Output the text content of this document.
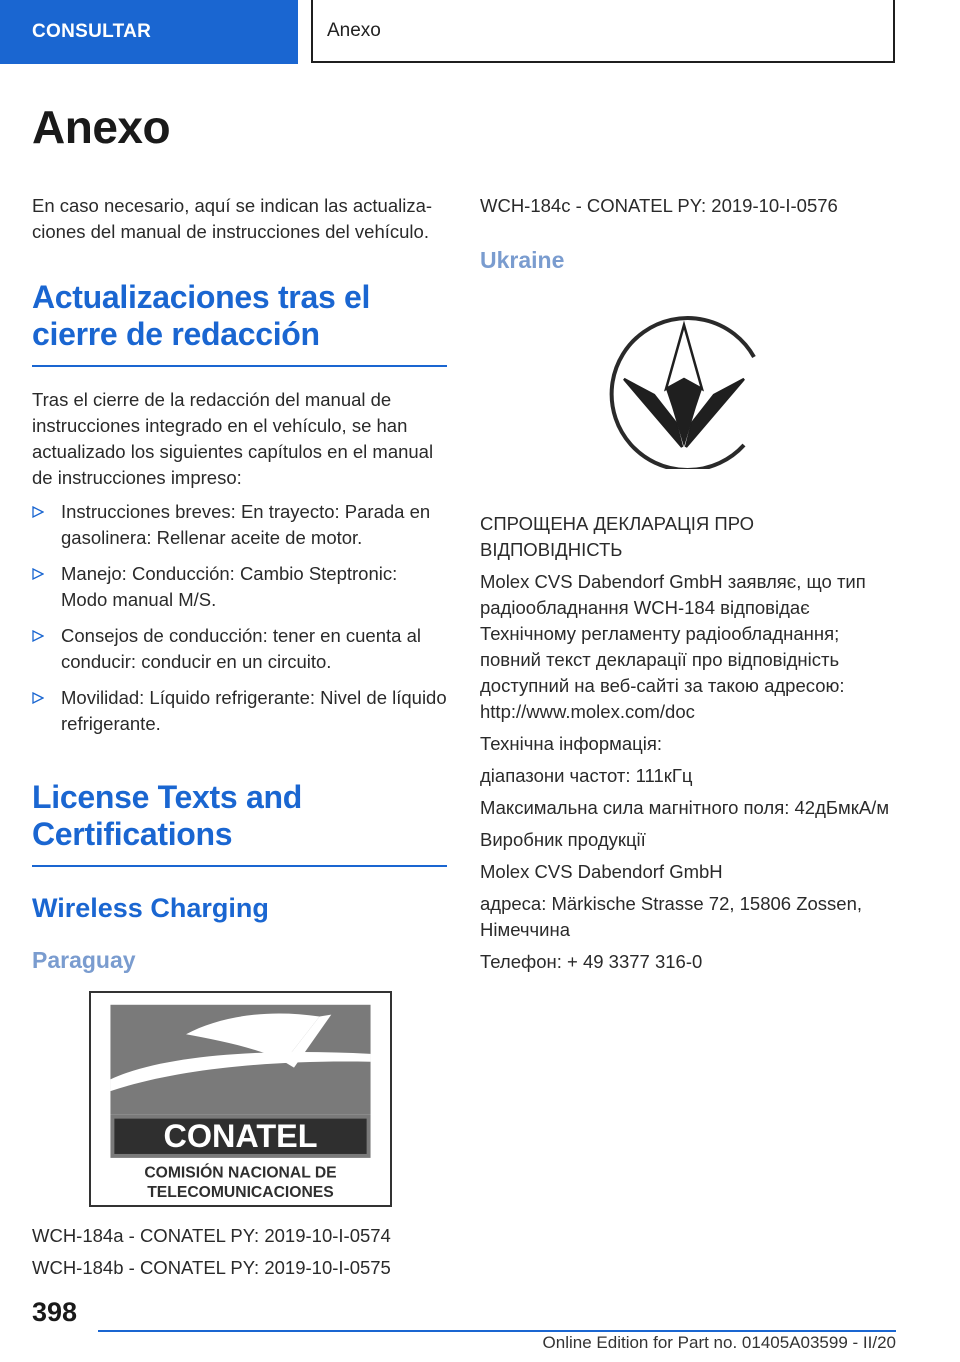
CONSULTAR	Anexo
Anexo

En caso necesario, aquí se indican las actualizaciones del manual de instrucciones del vehículo.

Actualizaciones tras el cierre de redacción

Tras el cierre de la redacción del manual de instrucciones integrado en el vehículo, se han actualizado los siguientes capítulos en el manual de instrucciones impreso:

Instrucciones breves: En trayecto: Parada en gasolinera: Rellenar aceite de motor.
Manejo: Conducción: Cambio Steptronic: Modo manual M/S.
Consejos de conducción: tener en cuenta al conducir: conducir en un circuito.
Movilidad: Líquido refrigerante: Nivel de líquido refrigerante.
License Texts and Certifications
Wireless Charging
Paraguay
CONATEL
COMISIÓN NACIONAL DE
TELECOMUNICACIONES

WCH-184a - CONATEL PY: 2019-10-I-0574

WCH-184b - CONATEL PY: 2019-10-I-0575

WCH-184c - CONATEL PY: 2019-10-I-0576

Ukraine

СПРОЩЕНА ДЕКЛАРАЦІЯ ПРО ВІДПОВІДНІСТЬ

Molex CVS Dabendorf GmbH заявляє, що тип радіообладнання WCH-184 відповідає Технічному регламенту радіообладнання; повний текст декларації про відповідність доступний на веб-сайті за такою адресою: http://www.molex.com/doc

Технічна інформація:

діапазони частот: 111кГц

Максимальна сила магнітного поля: 42дБмкА/м

Виробник продукції

Molex CVS Dabendorf GmbH

адреса: Märkische Strasse 72, 15806 Zossen, Німеччина

Телефон: + 49 3377 316-0

398
Online Edition for Part no. 01405A03599 - II/20
